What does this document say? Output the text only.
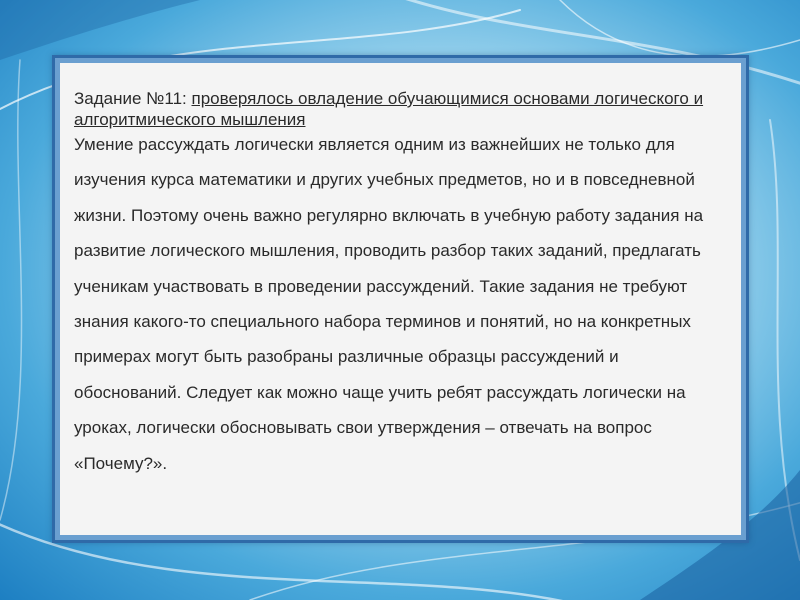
Задание №11: проверялось овладение обучающимися основами логического и алгоритмического мышления

Умение рассуждать логически является одним из важнейших не только для изучения курса математики и других учебных предметов, но и в повседневной жизни. Поэтому очень важно регулярно включать в учебную работу задания на развитие логического мышления, проводить разбор таких заданий, предлагать ученикам участвовать в проведении рассуждений. Такие задания не требуют знания какого-то специального набора терминов и понятий, но на конкретных примерах могут быть разобраны различные образцы рассуждений и обоснований. Следует как можно чаще учить ребят рассуждать логически на уроках, логически обосновывать свои утверждения – отвечать на вопрос «Почему?».
